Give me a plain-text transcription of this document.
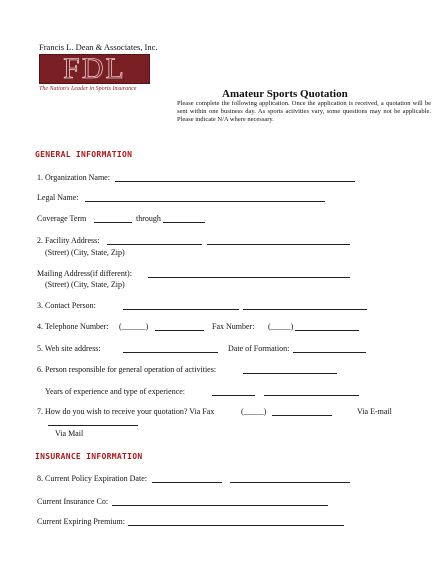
Francis L. Dean & Associates, Inc.
FDL
The Nation's Leader in Sports Insurance	Amateur Sports Quotation
Please complete the following application. Once the application is received, a quotation will be sent within one business day. As sports activities vary, some questions may not be applicable. Please indicate N/A where necessary.
GENERAL INFORMATION
1. Organization Name:
Legal Name:
Coverage Term	through
2. Facility Address:
(Street) (City, State, Zip)
Mailing Address(if different):
(Street) (City, State, Zip)
3. Contact Person:
4. Telephone Number: (______)	Fax Number: (_____)
5. Web site address:	Date of Formation:
6. Person responsible for general operation of activities:
Years of experience and type of experience:
7. How do you wish to receive your quotation? Via Fax	(_____)	Via E-mail
Via Mail
INSURANCE INFORMATION
8. Current Policy Expiration Date:
Current Insurance Co:
Current Expiring Premium:
